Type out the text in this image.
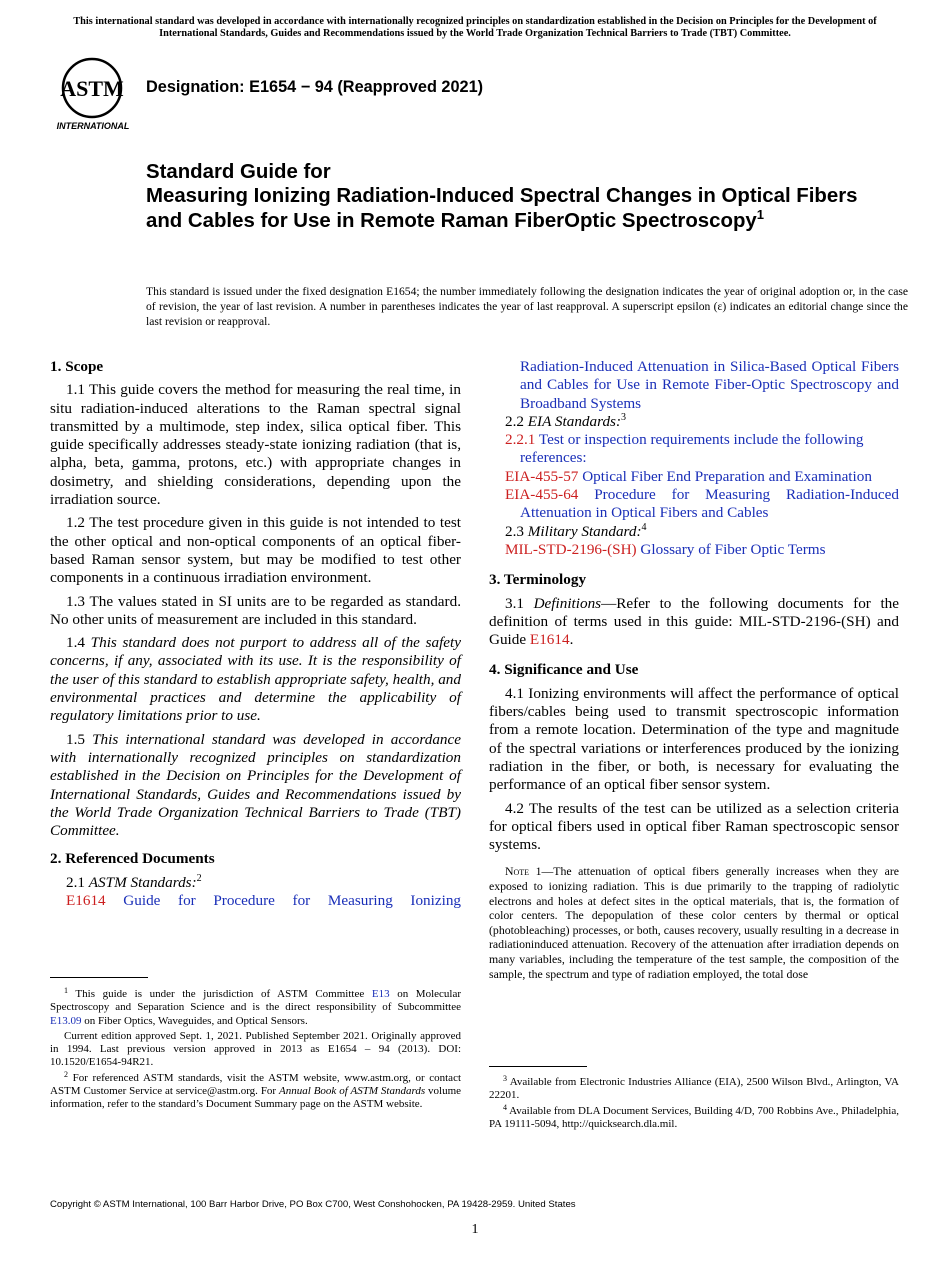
This international standard was developed in accordance with internationally recognized principles on standardization established in the Decision on Principles for the Development of International Standards, Guides and Recommendations issued by the World Trade Organization Technical Barriers to Trade (TBT) Committee.
ASTM
INTERNATIONAL
Designation: E1654 − 94 (Reapproved 2021)
Standard Guide for
Measuring Ionizing Radiation-Induced Spectral Changes in Optical Fibers and Cables for Use in Remote Raman FiberOptic Spectroscopy$^1$
This standard is issued under the fixed designation E1654; the number immediately following the designation indicates the year of original adoption or, in the case of revision, the year of last revision. A number in parentheses indicates the year of last reapproval. A superscript epsilon (ε) indicates an editorial change since the last revision or reapproval.
1. Scope

1.1 This guide covers the method for measuring the real time, in situ radiation-induced alterations to the Raman spectral signal transmitted by a multimode, step index, silica optical fiber. This guide specifically addresses steady-state ionizing radiation (that is, alpha, beta, gamma, protons, etc.) with appropriate changes in dosimetry, and shielding considerations, depending upon the irradiation source.

1.2 The test procedure given in this guide is not intended to test the other optical and non-optical components of an optical fiber-based Raman sensor system, but may be modified to test other components in a continuous irradiation environment.

1.3 The values stated in SI units are to be regarded as standard. No other units of measurement are included in this standard.

1.4 This standard does not purport to address all of the safety concerns, if any, associated with its use. It is the responsibility of the user of this standard to establish appropriate safety, health, and environmental practices and determine the applicability of regulatory limitations prior to use.

1.5 This international standard was developed in accordance with internationally recognized principles on standardization established in the Decision on Principles for the Development of International Standards, Guides and Recommendations issued by the World Trade Organization Technical Barriers to Trade (TBT) Committee.

2. Referenced Documents
2.1 ASTM Standards:$^2$
E1614 Guide for Procedure for Measuring Ionizing

$^1$ This guide is under the jurisdiction of ASTM Committee E13 on Molecular Spectroscopy and Separation Science and is the direct responsibility of Subcommittee E13.09 on Fiber Optics, Waveguides, and Optical Sensors.

Current edition approved Sept. 1, 2021. Published September 2021. Originally approved in 1994. Last previous version approved in 2013 as E1654 – 94 (2013). DOI: 10.1520/E1654-94R21.

$^2$ For referenced ASTM standards, visit the ASTM website, www.astm.org, or contact ASTM Customer Service at service@astm.org. For Annual Book of ASTM Standards volume information, refer to the standard’s Document Summary page on the ASTM website.

Radiation-Induced Attenuation in Silica-Based Optical Fibers and Cables for Use in Remote Fiber-Optic Spectroscopy and Broadband Systems
2.2 EIA Standards:$^3$
2.2.1 Test or inspection requirements include the following references:
EIA-455-57 Optical Fiber End Preparation and Examination
EIA-455-64 Procedure for Measuring Radiation-Induced Attenuation in Optical Fibers and Cables
2.3 Military Standard:$^4$
MIL-STD-2196-(SH) Glossary of Fiber Optic Terms
3. Terminology

3.1 Definitions—Refer to the following documents for the definition of terms used in this guide: MIL-STD-2196-(SH) and Guide E1614.

4. Significance and Use

4.1 Ionizing environments will affect the performance of optical fibers/cables being used to transmit spectroscopic information from a remote location. Determination of the type and magnitude of the spectral variations or interferences produced by the ionizing radiation in the fiber, or both, is necessary for evaluating the performance of an optical fiber sensor system.

4.2 The results of the test can be utilized as a selection criteria for optical fibers used in optical fiber Raman spectroscopic sensor systems.

Note 1—The attenuation of optical fibers generally increases when they are exposed to ionizing radiation. This is due primarily to the trapping of radiolytic electrons and holes at defect sites in the optical materials, that is, the formation of color centers. The depopulation of these color centers by thermal or optical (photobleaching) processes, or both, causes recovery, usually resulting in a decrease in radiationinduced attenuation. Recovery of the attenuation after irradiation depends on many variables, including the temperature of the test sample, the composition of the sample, the spectrum and type of radiation employed, the total dose

$^3$ Available from Electronic Industries Alliance (EIA), 2500 Wilson Blvd., Arlington, VA 22201.

$^4$ Available from DLA Document Services, Building 4/D, 700 Robbins Ave., Philadelphia, PA 19111-5094, http://quicksearch.dla.mil.

Copyright © ASTM International, 100 Barr Harbor Drive, PO Box C700, West Conshohocken, PA 19428-2959. United States
1
